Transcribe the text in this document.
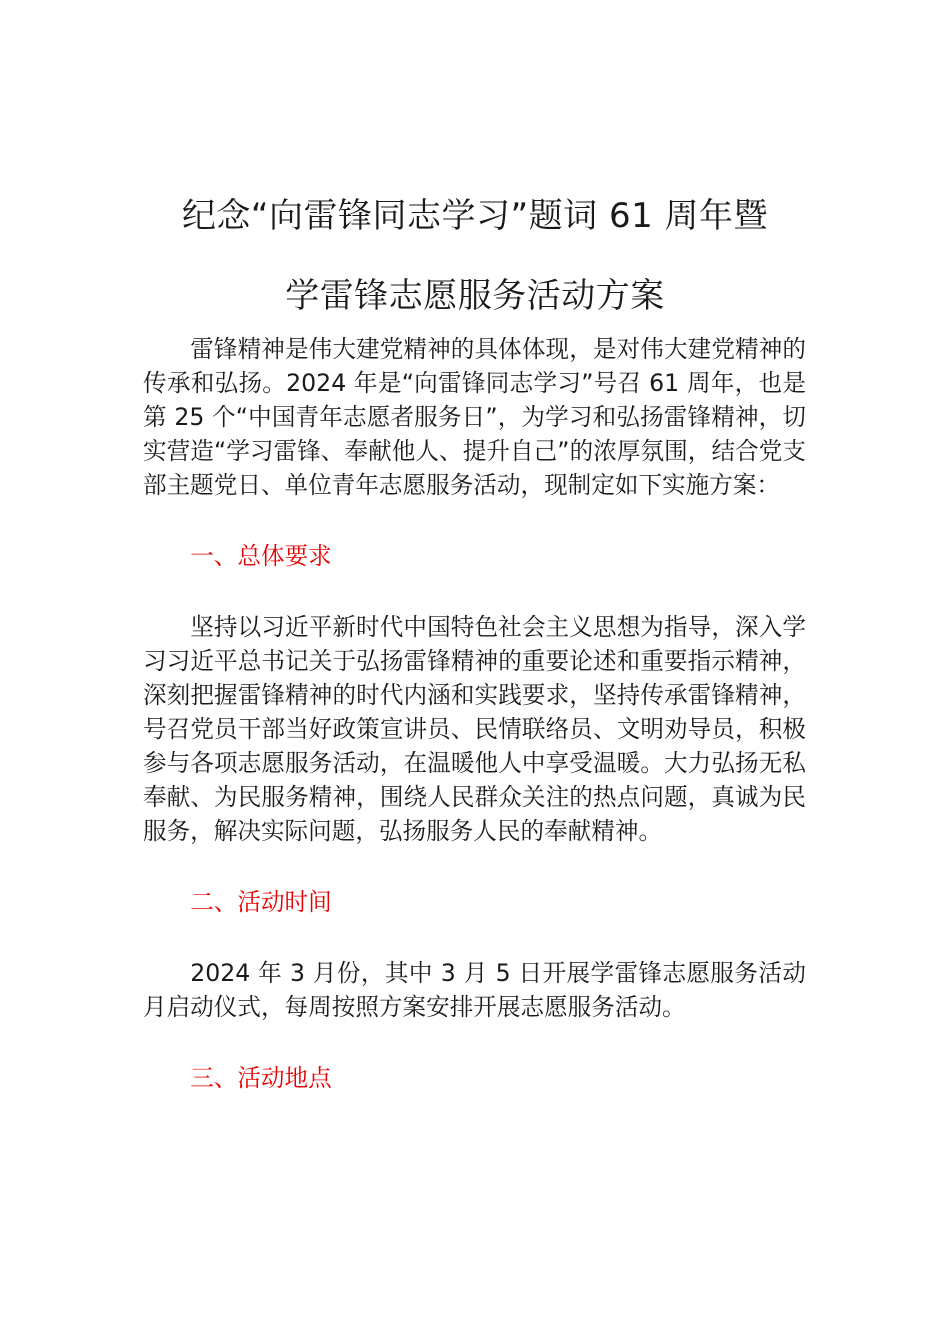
纪念“向雷锋同志学习”题词 61 周年暨
学雷锋志愿服务活动方案

雷锋精神是伟大建党精神的具体体现，是对伟大建党精神的传承和弘扬。2024 年是“向雷锋同志学习”号召 61 周年，也是第 25 个“中国青年志愿者服务日”，为学习和弘扬雷锋精神，切实营造“学习雷锋、奉献他人、提升自己”的浓厚氛围，结合党支部主题党日、单位青年志愿服务活动，现制定如下实施方案：

一、总体要求

坚持以习近平新时代中国特色社会主义思想为指导，深入学习习近平总书记关于弘扬雷锋精神的重要论述和重要指示精神，深刻把握雷锋精神的时代内涵和实践要求，坚持传承雷锋精神，号召党员干部当好政策宣讲员、民情联络员、文明劝导员，积极参与各项志愿服务活动，在温暖他人中享受温暖。大力弘扬无私奉献、为民服务精神，围绕人民群众关注的热点问题，真诚为民服务，解决实际问题，弘扬服务人民的奉献精神。

二、活动时间

2024 年 3 月份，其中 3 月 5 日开展学雷锋志愿服务活动月启动仪式，每周按照方案安排开展志愿服务活动。

三、活动地点
